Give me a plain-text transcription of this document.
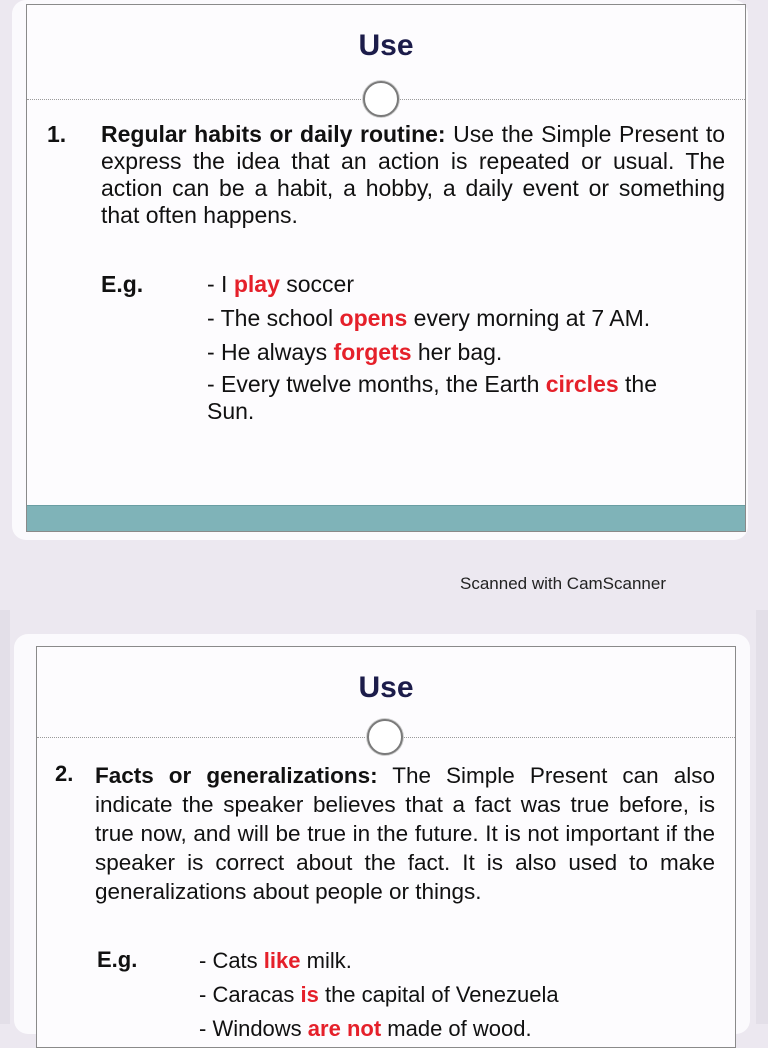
Use
1. Regular habits or daily routine: Use the Simple Present to express the idea that an action is repeated or usual. The action can be a habit, a hobby, a daily event or something that often happens.
E.g.	- I play soccer
- The school opens every morning at 7 AM.
- He always forgets her bag.
- Every twelve months, the Earth circles the Sun.
Scanned with CamScanner
Use
2. Facts or generalizations: The Simple Present can also indicate the speaker believes that a fact was true before, is true now, and will be true in the future. It is not important if the speaker is correct about the fact. It is also used to make generalizations about people or things.
E.g.	- Cats like milk.
- Caracas is the capital of Venezuela
- Windows are not made of wood.
